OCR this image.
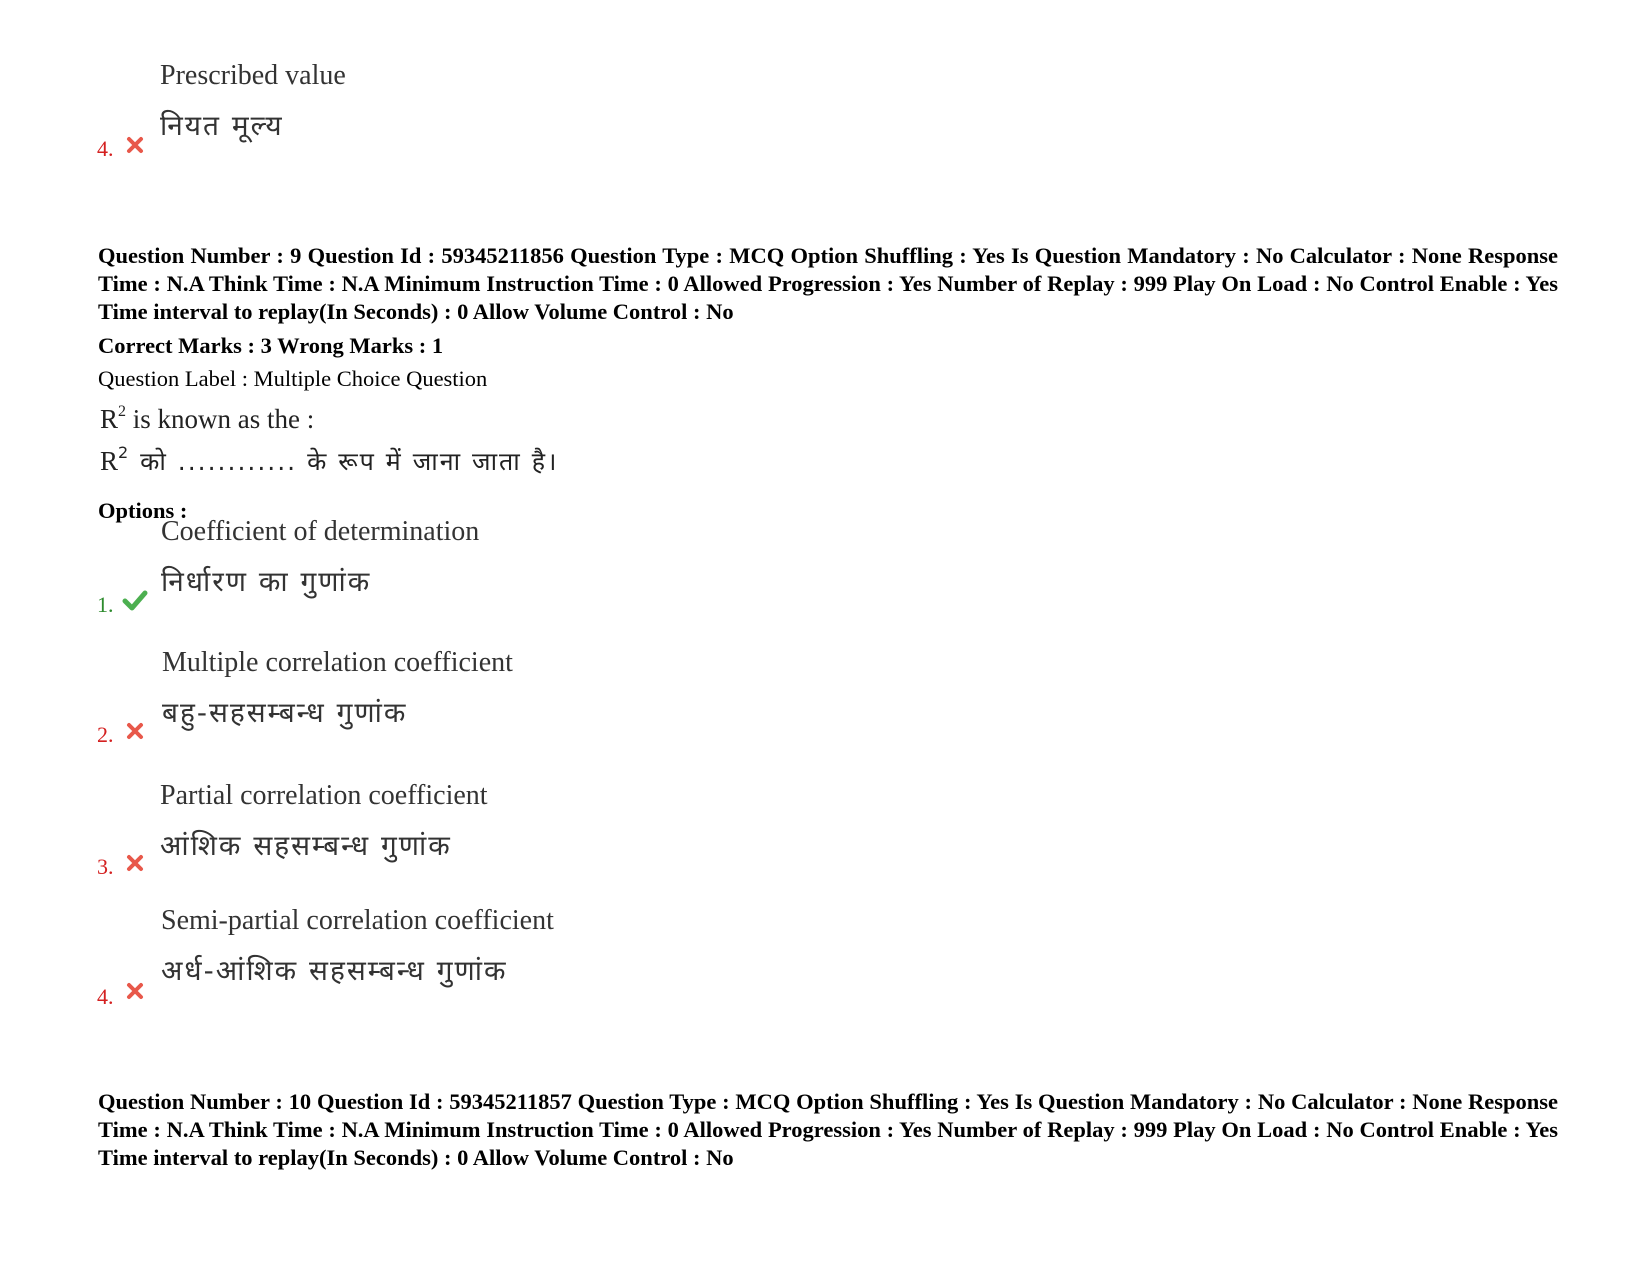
Prescribed value
नियत मूल्य
4.
Question Number : 9 Question Id : 59345211856 Question Type : MCQ Option Shuffling : Yes Is Question Mandatory : No Calculator : None Response Time : N.A Think Time : N.A Minimum Instruction Time : 0 Allowed Progression : Yes Number of Replay : 999 Play On Load : No Control Enable : Yes Time interval to replay(In Seconds) : 0 Allow Volume Control : No
Correct Marks : 3 Wrong Marks : 1
Question Label : Multiple Choice Question
$R^2$ is known as the :
$R^2$ को ............ के रूप में जाना जाता है।
Options :
Coefficient of determination
निर्धारण का गुणांक
1.
Multiple correlation coefficient
बहु-सहसम्बन्ध गुणांक
2.
Partial correlation coefficient
आंशिक सहसम्बन्ध गुणांक
3.
Semi-partial correlation coefficient
अर्ध-आंशिक सहसम्बन्ध गुणांक
4.
Question Number : 10 Question Id : 59345211857 Question Type : MCQ Option Shuffling : Yes Is Question Mandatory : No Calculator : None Response Time : N.A Think Time : N.A Minimum Instruction Time : 0 Allowed Progression : Yes Number of Replay : 999 Play On Load : No Control Enable : Yes Time interval to replay(In Seconds) : 0 Allow Volume Control : No
